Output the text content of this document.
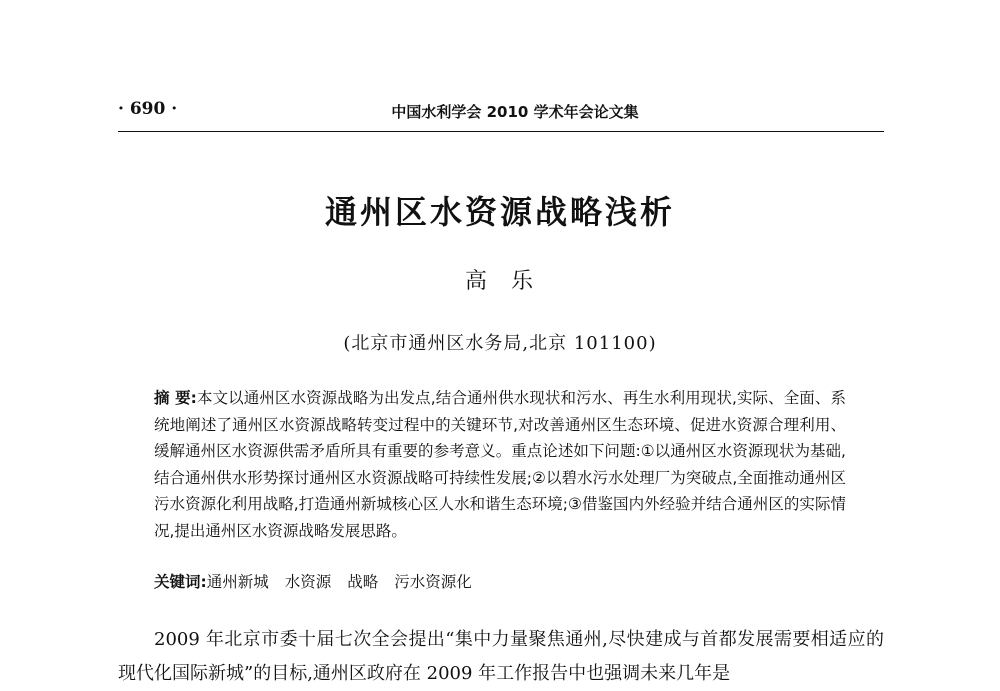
· 690 ·	中国水利学会 2010 学术年会论文集
通州区水资源战略浅析
高乐
(北京市通州区水务局,北京 101100)
摘 要:本文以通州区水资源战略为出发点,结合通州供水现状和污水、再生水利用现状,实际、全面、系统地阐述了通州区水资源战略转变过程中的关键环节,对改善通州区生态环境、促进水资源合理利用、缓解通州区水资源供需矛盾所具有重要的参考意义。重点论述如下问题:①以通州区水资源现状为基础,结合通州供水形势探讨通州区水资源战略可持续性发展;②以碧水污水处理厂为突破点,全面推动通州区污水资源化利用战略,打造通州新城核心区人水和谐生态环境;③借鉴国内外经验并结合通州区的实际情况,提出通州区水资源战略发展思路。
关键词:通州新城 水资源 战略 污水资源化
2009 年北京市委十届七次全会提出“集中力量聚焦通州,尽快建成与首都发展需要相适应的现代化国际新城”的目标,通州区政府在 2009 年工作报告中也强调未来几年是
